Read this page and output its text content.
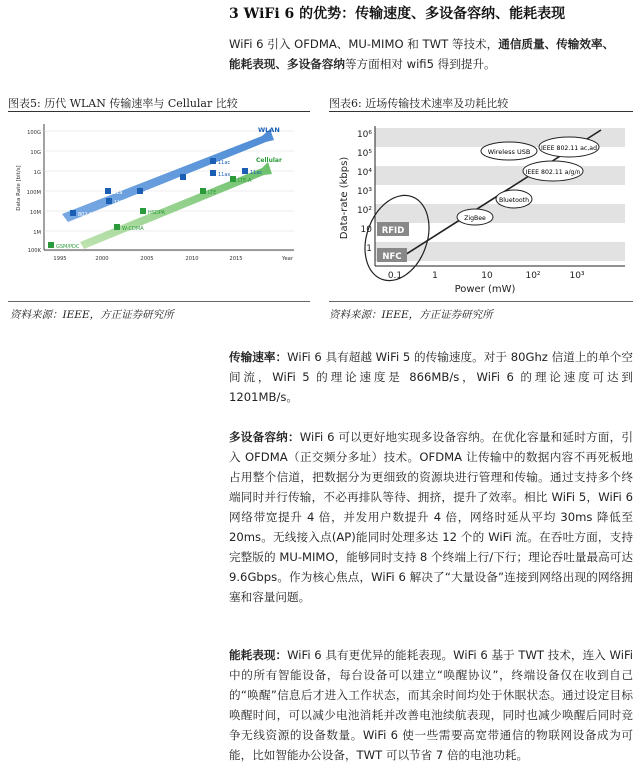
3 WiFi 6 的优势：传输速度、多设备容纳、能耗表现
WiFi 6 引入 OFDMA、MU-MIMO 和 TWT 等技术，通信质量、传输效率、
能耗表现、多设备容纳等方面相对 wifi5 得到提升。
图表5: 历代 WLAN 传输速率与 Cellular 比较	图表6: 近场传输技术速率及功耗比较
WLAN
Cellular
802.11
11b
11a	11g
11n
11ac
11ax	11ac
GSM/PDC
W-CDMA
HSDPA
LTE
LTE-A
100G
10G
1G
100M
10M
1M
100K
Data Rate [bit/s]
1995	2000	2005	2010	2015	Year
RFID
NFC
Wireless USB IEEE 802.11 ac,ad
IEEE 802.11 a/g/n
Bluetooth
ZigBee
1
10
10²
10³
10⁴
10⁵
10⁶
Data-rate (kbps)
0.1	1	10	10²	10³
Power (mW)
资料来源：IEEE，方正证券研究所	资料来源：IEEE，方正证券研究所
传输速率：WiFi 6 具有超越 WiFi 5 的传输速度。对于 80Ghz 信道上的单个空间流，WiFi 5 的理论速度是 866MB/s，WiFi 6 的理论速度可达到 1201MB/s。
多设备容纳：WiFi 6 可以更好地实现多设备容纳。在优化容量和延时方面，引入 OFDMA（正交频分多址）技术。OFDMA 让传输中的数据内容不再死板地占用整个信道，把数据分为更细致的资源块进行管理和传输。通过支持多个终端同时并行传输，不必再排队等待、拥挤，提升了效率。相比 WiFi 5，WiFi 6 网络带宽提升 4 倍，并发用户数提升 4 倍，网络时延从平均 30ms 降低至 20ms。无线接入点(AP)能同时处理多达 12 个的 WiFi 流。在吞吐方面，支持完整版的 MU-MIMO，能够同时支持 8 个终端上行/下行；理论吞吐量最高可达 9.6Gbps。作为核心焦点，WiFi 6 解决了“大量设备”连接到网络出现的网络拥塞和容量问题。
能耗表现：WiFi 6 具有更优异的能耗表现。WiFi 6 基于 TWT 技术，连入 WiFi 中的所有智能设备，每台设备可以建立“唤醒协议”，终端设备仅在收到自己的“唤醒”信息后才进入工作状态，而其余时间均处于休眠状态。通过设定目标唤醒时间，可以减少电池消耗并改善电池续航表现，同时也减少唤醒后同时竞争无线资源的设备数量。WiFi 6 使一些需要高宽带通信的物联网设备成为可能，比如智能办公设备，TWT 可以节省 7 倍的电池功耗。
